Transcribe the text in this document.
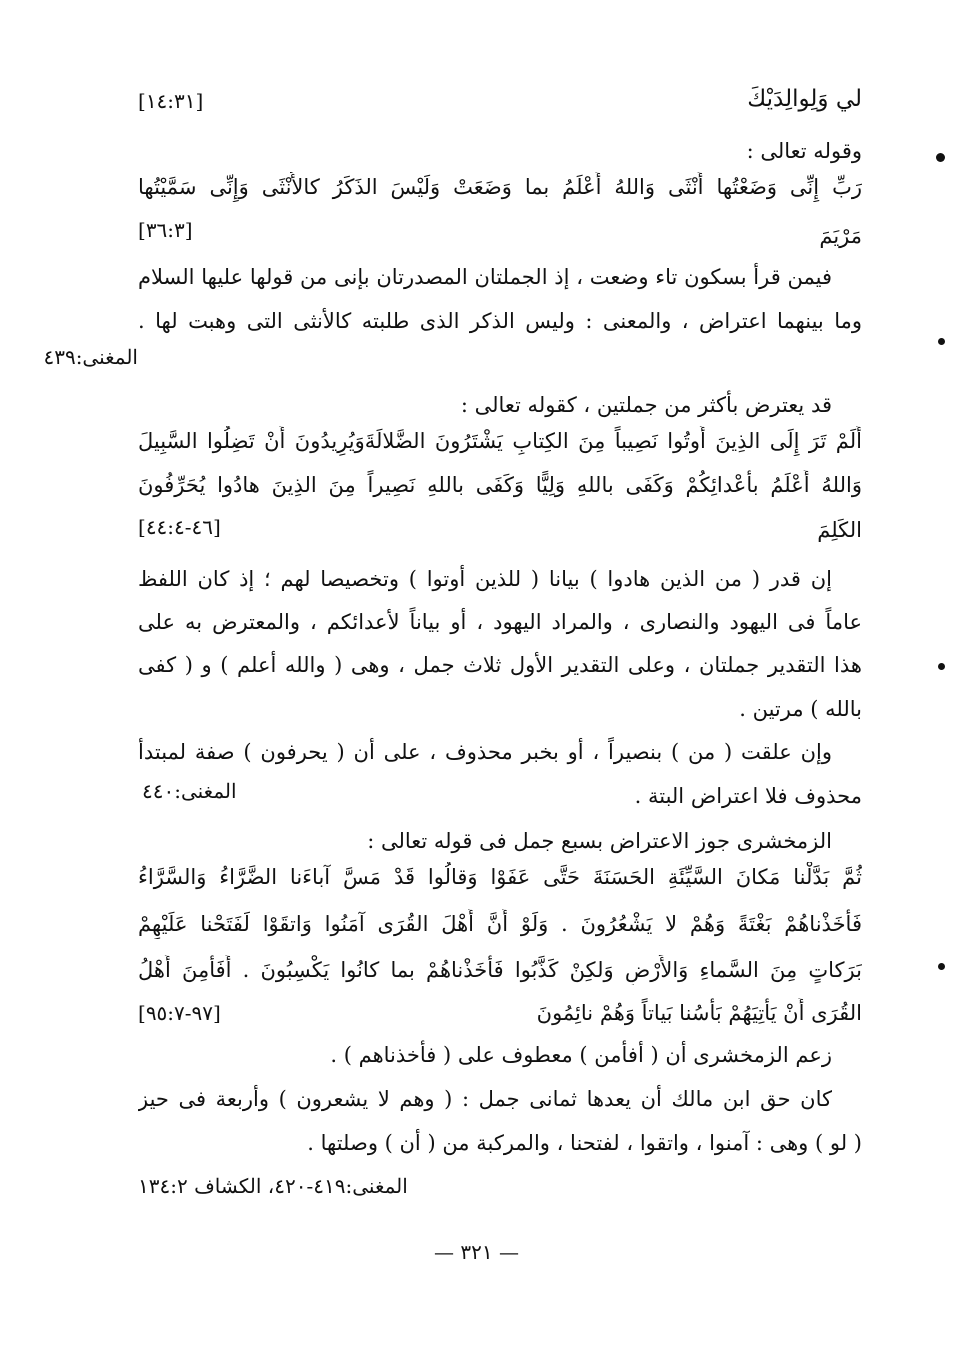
لي وَلِوالِدَيْكَ
[١٤:٣١]
وقوله تعالى :
رَبِّ إِنِّى وَضَعْتُها أُنْثَى وَاللهُ أَعْلَمُ بما وَضَعَتْ وَلَيْسَ الذَكَرُ كالأُنْثَى وَإِنِّى سَمَّيْتُها
مَرْيَمَ
[٣٦:٣]
فيمن قرأ بسكون تاء وضعت ، إذ الجملتان المصدرتان بإنى من قولها عليها السلام
وما بينهما اعتراض ، والمعنى : وليس الذكر الذى طلبته كالأنثى التى وهبت لها .
المغنى:٤٣٩
قد يعترض بأكثر من جملتين ، كقوله تعالى :
أَلَمْ تَرَ إِلَى الذِينَ أُوتُوا نَصِيباً مِنَ الكِتابِ يَشْتَرُونَ الضَّلالَةَوَيُرِيدُونَ أَنْ تَضِلُوا السَّبِيلَ
وَاللهُ أَعْلَمُ بأَعْدائِكُمْ وَكَفَى باللهِ وَلِيًّا وَكَفَى باللهِ نَصِيراً مِنَ الذِينَ هادُوا يُحَرِّفُونَ
الكَلِمَ
[٤٦-٤٤:٤]
إن قدر ( من الذين هادوا ) بيانا ( للذين أوتوا ) وتخصيصا لهم ؛ إذ كان اللفظ
عاماً فى اليهود والنصارى ، والمراد اليهود ، أو بياناً لأعدائكم ، والمعترض به على
هذا التقدير جملتان ، وعلى التقدير الأول ثلاث جمل ، وهى ( والله أعلم ) و ( كفى
بالله ) مرتين .
وإن علقت ( من ) بنصيراً ، أو بخبر محذوف ، على أن ( يحرفون ) صفة لمبتدأ
محذوف فلا اعتراض البتة .
المغنى:٤٤٠
الزمخشرى جوز الاعتراض بسبع جمل فى قوله تعالى :
ثُمَّ بَدَّلْنا مَكانَ السَّيِّئَةِ الحَسَنَةَ حَتَّى عَفَوْا وَقالُوا قَدْ مَسَّ آباءَنا الضَّرَّاءُ وَالسَّرَّاءُ
فَأَخَذْناهُمْ بَغْتَةً وَهُمْ لا يَشْعُرُونَ . وَلَوْ أَنَّ أَهْلَ القُرَى آمَنُوا وَاتقَوْا لَفَتَحْنا عَلَيْهِمْ
بَرَكاتٍ مِنَ السَّماءِ وَالأَرْضِ وَلكِنْ كَذَّبُوا فَأَخَذْناهُمْ بما كانُوا يَكْسِبُونَ . أَفَأَمِنَ أَهْلُ
القُرَى أَنْ يَأْتِيَهُمْ بَأْسُنا بَياتاً وَهُمْ نائِمُونَ
[٩٧-٩٥:٧]
زعم الزمخشرى أن ( أفأمن ) معطوف على ( فأخذناهم ) .
كان حق ابن مالك أن يعدها ثمانى جمل : ( وهم لا يشعرون ) وأربعة فى حيز
( لو ) وهى : آمنوا ، واتقوا ، لفتحنا ، والمركبة من ( أن ) وصلتها .
المغنى:٤١٩-٤٢٠، الكشاف ١٣٤:٢
— ٣٢١ —
